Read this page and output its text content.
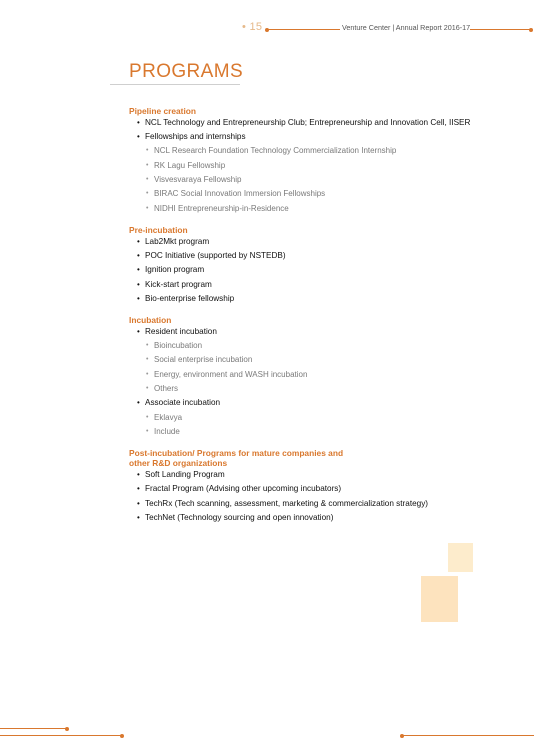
• 15	Venture Center | Annual Report 2016-17
PROGRAMS
Pipeline creation
• NCL Technology and Entrepreneurship Club; Entrepreneurship and Innovation Cell, IISER
• Fellowships and internships
• NCL Research Foundation Technology Commercialization Internship
• RK Lagu Fellowship
• Visvesvaraya Fellowship
• BIRAC Social Innovation Immersion Fellowships
• NIDHI Entrepreneurship-in-Residence
Pre-incubation
• Lab2Mkt program
• POC Initiative (supported by NSTEDB)
• Ignition program
• Kick-start program
• Bio-enterprise fellowship
Incubation
• Resident incubation
• Bioincubation
• Social enterprise incubation
• Energy, environment and WASH incubation
• Others
• Associate incubation
• Eklavya
• Include
Post-incubation/ Programs for mature companies and
other R&D organizations
• Soft Landing Program
• Fractal Program (Advising other upcoming incubators)
• TechRx (Tech scanning, assessment, marketing & commercialization strategy)
• TechNet (Technology sourcing and open innovation)
